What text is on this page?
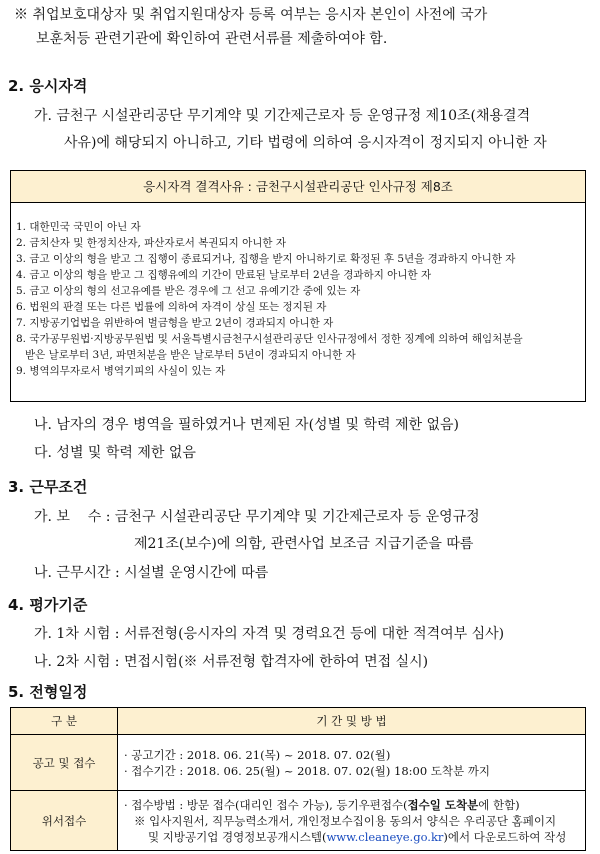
※ 취업보호대상자 및 취업지원대상자 등록 여부는 응시자 본인이 사전에 국가
보훈처등 관련기관에 확인하여 관련서류를 제출하여야 함.
2. 응시자격
가. 금천구 시설관리공단 무기계약 및 기간제근로자 등 운영규정 제10조(채용결격
사유)에 해당되지 아니하고, 기타 법령에 의하여 응시자격이 정지되지 아니한 자
응시자격 결격사유 : 금천구시설관리공단 인사규정 제8조
1. 대한민국 국민이 아닌 자
2. 금치산자 및 한정치산자, 파산자로서 복권되지 아니한 자
3. 금고 이상의 형을 받고 그 집행이 종료되거나, 집행을 받지 아니하기로 확정된 후 5년을 경과하지 아니한 자
4. 금고 이상의 형을 받고 그 집행유예의 기간이 만료된 날로부터 2년을 경과하지 아니한 자
5. 금고 이상의 형의 선고유예를 받은 경우에 그 선고 유예기간 중에 있는 자
6. 법원의 판결 또는 다른 법률에 의하여 자격이 상실 또는 정지된 자
7. 지방공기업법을 위반하여 벌금형을 받고 2년이 경과되지 아니한 자
8. 국가공무원법·지방공무원법 및 서울특별시금천구시설관리공단 인사규정에서 정한 징계에 의하여 해임처분을
받은 날로부터 3년, 파면처분을 받은 날로부터 5년이 경과되지 아니한 자
9. 병역의무자로서 병역기피의 사실이 있는 자
나. 남자의 경우 병역을 필하였거나 면제된 자(성별 및 학력 제한 없음)
다. 성별 및 학력 제한 없음
3. 근무조건
가. 보    수 : 금천구 시설관리공단 무기계약 및 기간제근로자 등 운영규정
제21조(보수)에 의함, 관련사업 보조금 지급기준을 따름
나. 근무시간 : 시설별 운영시간에 따름
4. 평가기준
가. 1차 시험 : 서류전형(응시자의 자격 및 경력요건 등에 대한 적격여부 심사)
나. 2차 시험 : 면접시험(※ 서류전형 합격자에 한하여 면접 실시)
5. 전형일정
구 분	기 간 및 방 법
공고 및 접수	· 공고기간 : 2018. 06. 21(목) ~ 2018. 07. 02(월)
· 접수기간 : 2018. 06. 25(월) ~ 2018. 07. 02(월) 18:00 도착분 까지

위서접수	· 접수방법 : 방문 접수(대리인 접수 가능), 등기우편접수(접수일 도착분에 한함)
※ 입사지원서, 직무능력소개서, 개인정보수집이용 동의서 양식은 우리공단 홈페이지
및 지방공기업 경영정보공개시스템(www.cleaneye.go.kr)에서 다운로드하여 작성
